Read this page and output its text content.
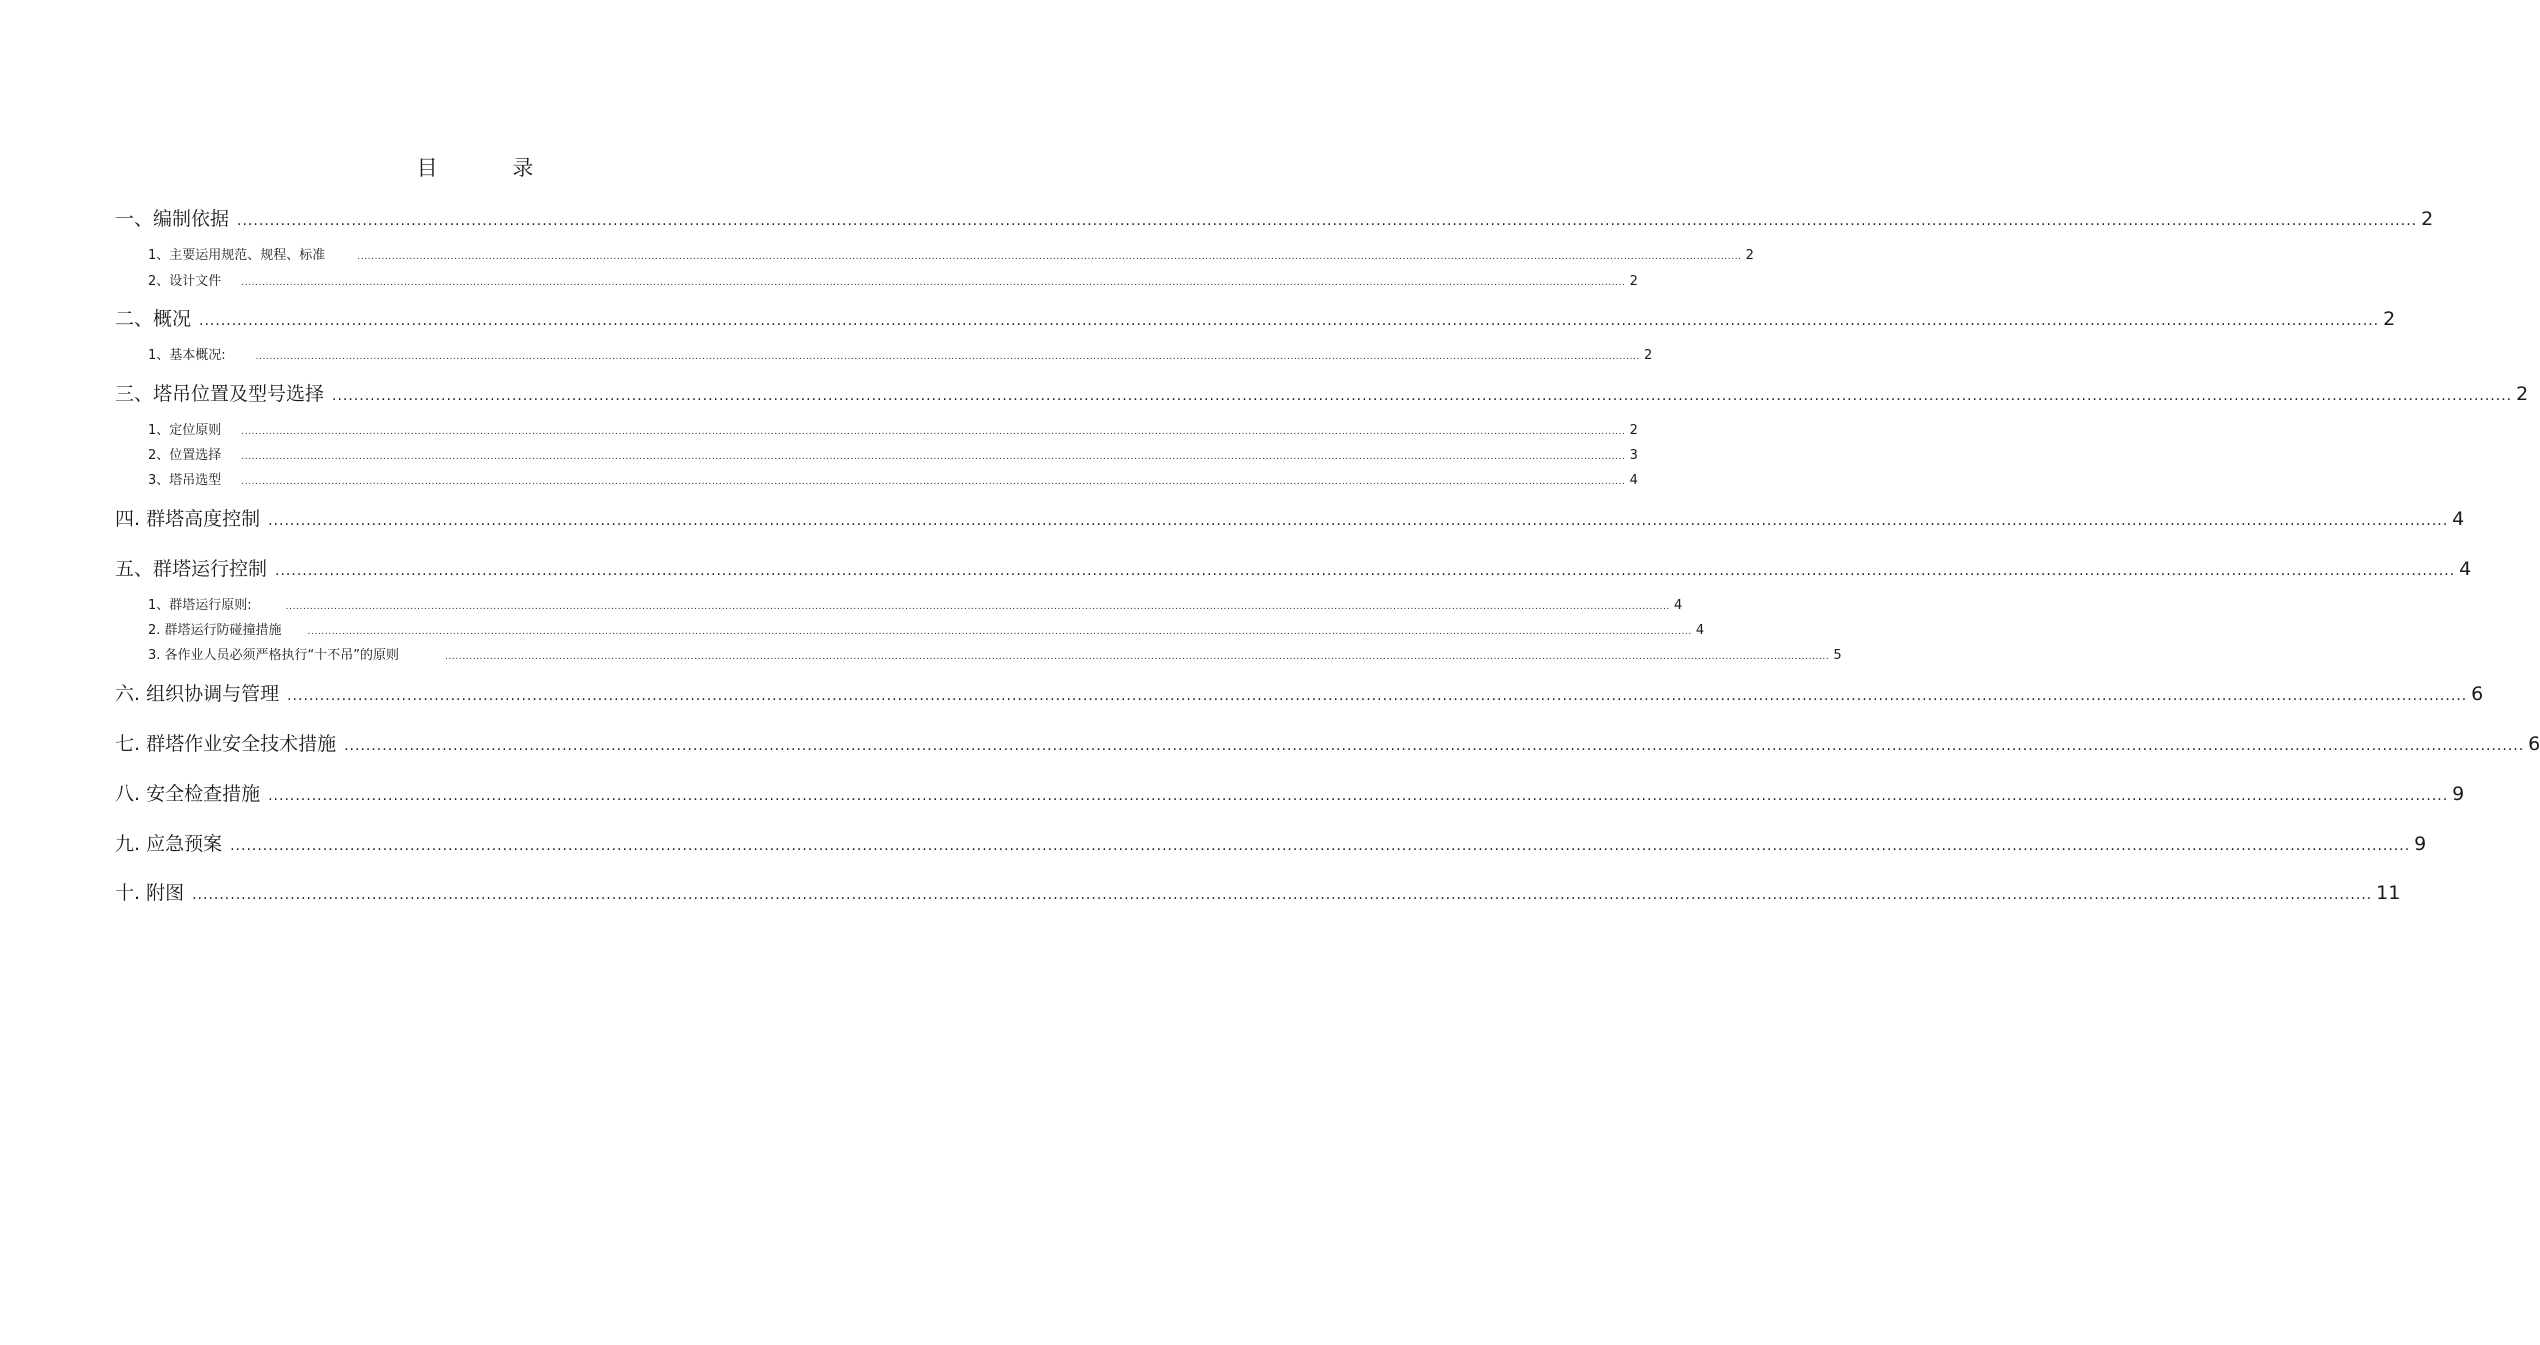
目 录
一、编制依据 ................................................................................................................................................................................................................................................................................................................................................................................................................ 2
1、主要运用规范、规程、标准	................................................................................................................................................................................................................................................................................................................................................................................................................ 2
2、设计文件 ................................................................................................................................................................................................................................................................................................................................................................................................................ 2
二、概况 ................................................................................................................................................................................................................................................................................................................................................................................................................ 2
1、基本概况:	................................................................................................................................................................................................................................................................................................................................................................................................................ 2
三、塔吊位置及型号选择 ................................................................................................................................................................................................................................................................................................................................................................................................................ 2
1、定位原则 ................................................................................................................................................................................................................................................................................................................................................................................................................ 2
2、位置选择 ................................................................................................................................................................................................................................................................................................................................................................................................................ 3
3、塔吊选型 ................................................................................................................................................................................................................................................................................................................................................................................................................ 4
四. 群塔高度控制 ................................................................................................................................................................................................................................................................................................................................................................................................................ 4
五、群塔运行控制 ................................................................................................................................................................................................................................................................................................................................................................................................................ 4
1、群塔运行原则:	................................................................................................................................................................................................................................................................................................................................................................................................................ 4
2. 群塔运行防碰撞措施	................................................................................................................................................................................................................................................................................................................................................................................................................ 4
3. 各作业人员必须严格执行“十不吊”的原则	................................................................................................................................................................................................................................................................................................................................................................................................................ 5
六. 组织协调与管理 ................................................................................................................................................................................................................................................................................................................................................................................................................ 6
七. 群塔作业安全技术措施 ................................................................................................................................................................................................................................................................................................................................................................................................................ 6
八. 安全检查措施 ................................................................................................................................................................................................................................................................................................................................................................................................................ 9
九. 应急预案 ................................................................................................................................................................................................................................................................................................................................................................................................................ 9
十. 附图 ................................................................................................................................................................................................................................................................................................................................................................................................................ 11
